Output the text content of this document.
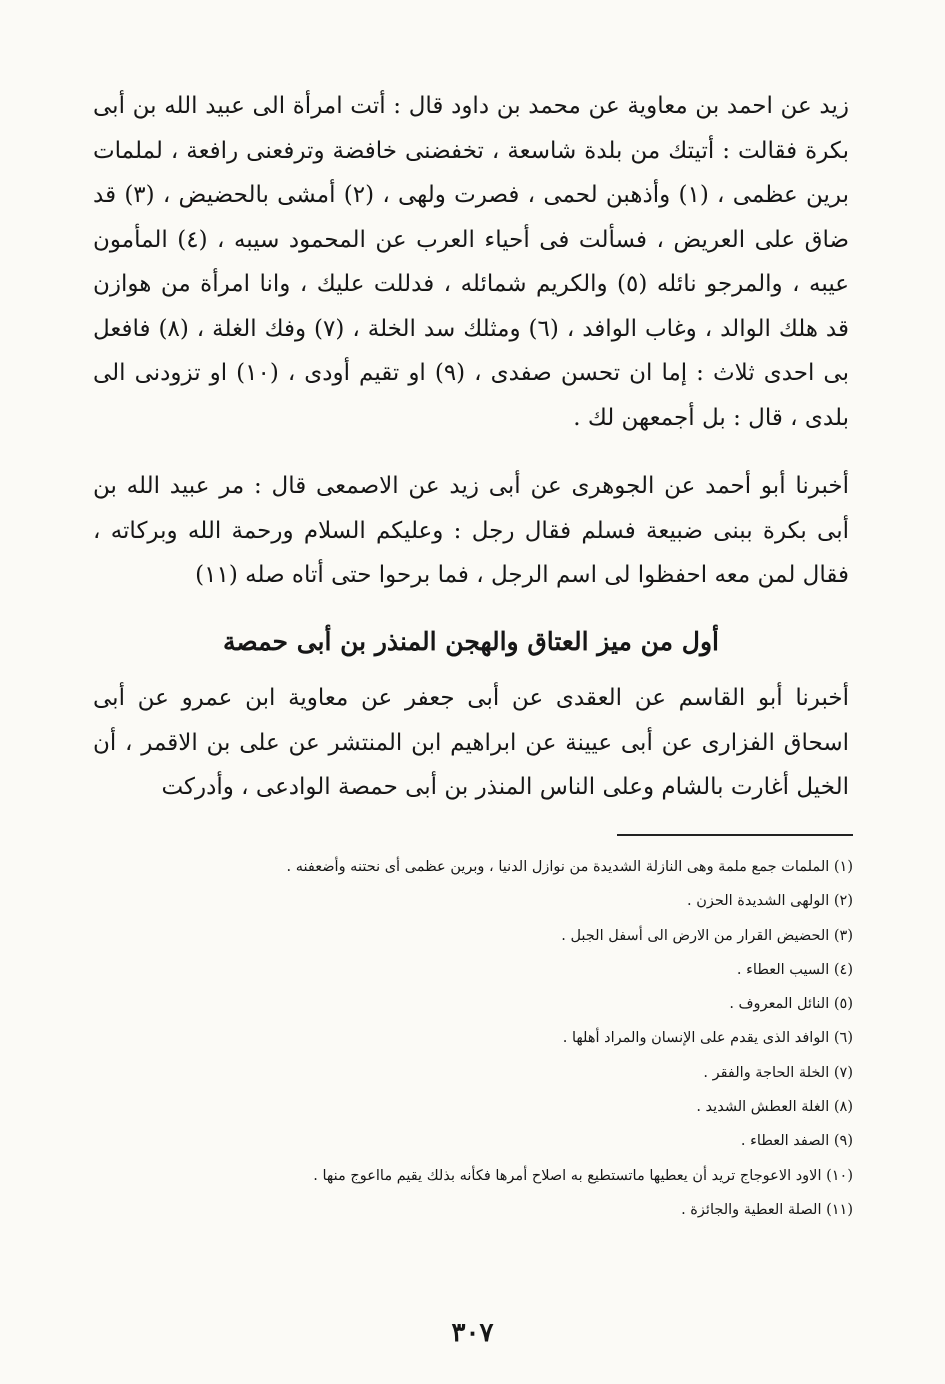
زيد عن احمد بن معاوية عن محمد بن داود قال : أتت امرأة الى عبيد الله بن أبى بكرة فقالت : أتيتك من بلدة شاسعة ، تخفضنى خافضة وترفعنى رافعة ، لملمات برين عظمى ، (١) وأذهبن لحمى ، فصرت ولهى ، (٢) أمشى بالحضيض ، (٣) قد ضاق على العريض ، فسألت فى أحياء العرب عن المحمود سيبه ، (٤) المأمون عيبه ، والمرجو نائله (٥) والكريم شمائله ، فدللت عليك ، وانا امرأة من هوازن قد هلك الوالد ، وغاب الوافد ، (٦) ومثلك سد الخلة ، (٧) وفك الغلة ، (٨) فافعل بى احدى ثلاث : إما ان تحسن صفدى ، (٩) او تقيم أودى ، (١٠) او تزودنى الى بلدى ، قال : بل أجمعهن لك .

أخبرنا أبو أحمد عن الجوهرى عن أبى زيد عن الاصمعى قال : مر عبيد الله بن أبى بكرة ببنى ضبيعة فسلم فقال رجل : وعليكم السلام ورحمة الله وبركاته ، فقال لمن معه احفظوا لى اسم الرجل ، فما برحوا حتى أتاه صله (١١)

أول من ميز العتاق والهجن المنذر بن أبى حمصة

أخبرنا أبو القاسم عن العقدى عن أبى جعفر عن معاوية ابن عمرو عن أبى اسحاق الفزارى عن أبى عيينة عن ابراهيم ابن المنتشر عن على بن الاقمر ، أن الخيل أغارت بالشام وعلى الناس المنذر بن أبى حمصة الوادعى ، وأدركت

(١) الملمات جمع ملمة وهى النازلة الشديدة من نوازل الدنيا ، وبرين عظمى أى نحتنه وأضعفنه .
(٢) الولهى الشديدة الحزن .
(٣) الحضيض القرار من الارض الى أسفل الجبل .
(٤) السيب العطاء .
(٥) النائل المعروف .
(٦) الوافد الذى يقدم على الإنسان والمراد أهلها .
(٧) الخلة الحاجة والفقر .
(٨) الغلة العطش الشديد .
(٩) الصفد العطاء .
(١٠) الاود الاعوجاج تريد أن يعطيها ماتستطيع به اصلاح أمرها فكأنه بذلك يقيم مااعوج منها .
(١١) الصلة العطية والجائزة .
٣٠٧
